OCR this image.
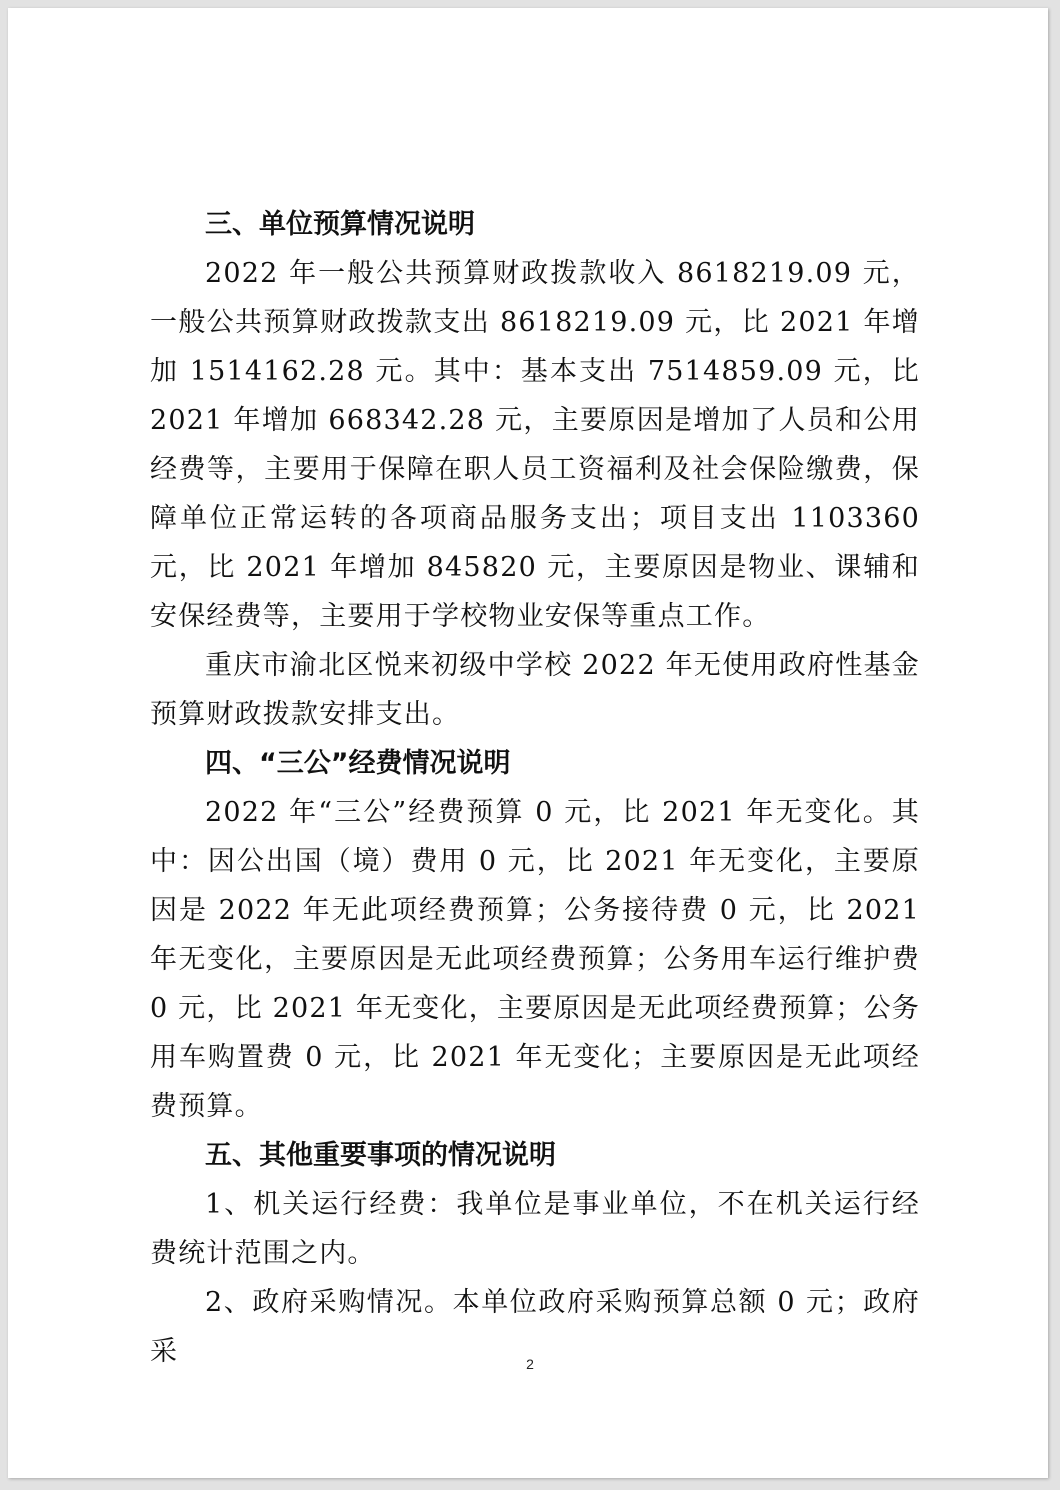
三、单位预算情况说明

2022 年一般公共预算财政拨款收入 8618219.09 元，一般公共预算财政拨款支出 8618219.09 元，比 2021 年增加 1514162.28 元。其中：基本支出 7514859.09 元，比 2021 年增加 668342.28 元，主要原因是增加了人员和公用经费等，主要用于保障在职人员工资福利及社会保险缴费，保障单位正常运转的各项商品服务支出；项目支出 1103360 元，比 2021 年增加 845820 元，主要原因是物业、课辅和安保经费等，主要用于学校物业安保等重点工作。

重庆市渝北区悦来初级中学校 2022 年无使用政府性基金预算财政拨款安排支出。

四、“三公”经费情况说明

2022 年“三公”经费预算 0 元，比 2021 年无变化。其中：因公出国（境）费用 0 元，比 2021 年无变化，主要原因是 2022 年无此项经费预算；公务接待费 0 元，比 2021 年无变化，主要原因是无此项经费预算；公务用车运行维护费 0 元，比 2021 年无变化，主要原因是无此项经费预算；公务用车购置费 0 元，比 2021 年无变化；主要原因是无此项经费预算。

五、其他重要事项的情况说明

1、机关运行经费：我单位是事业单位，不在机关运行经费统计范围之内。

2、政府采购情况。本单位政府采购预算总额 0 元；政府采	2
